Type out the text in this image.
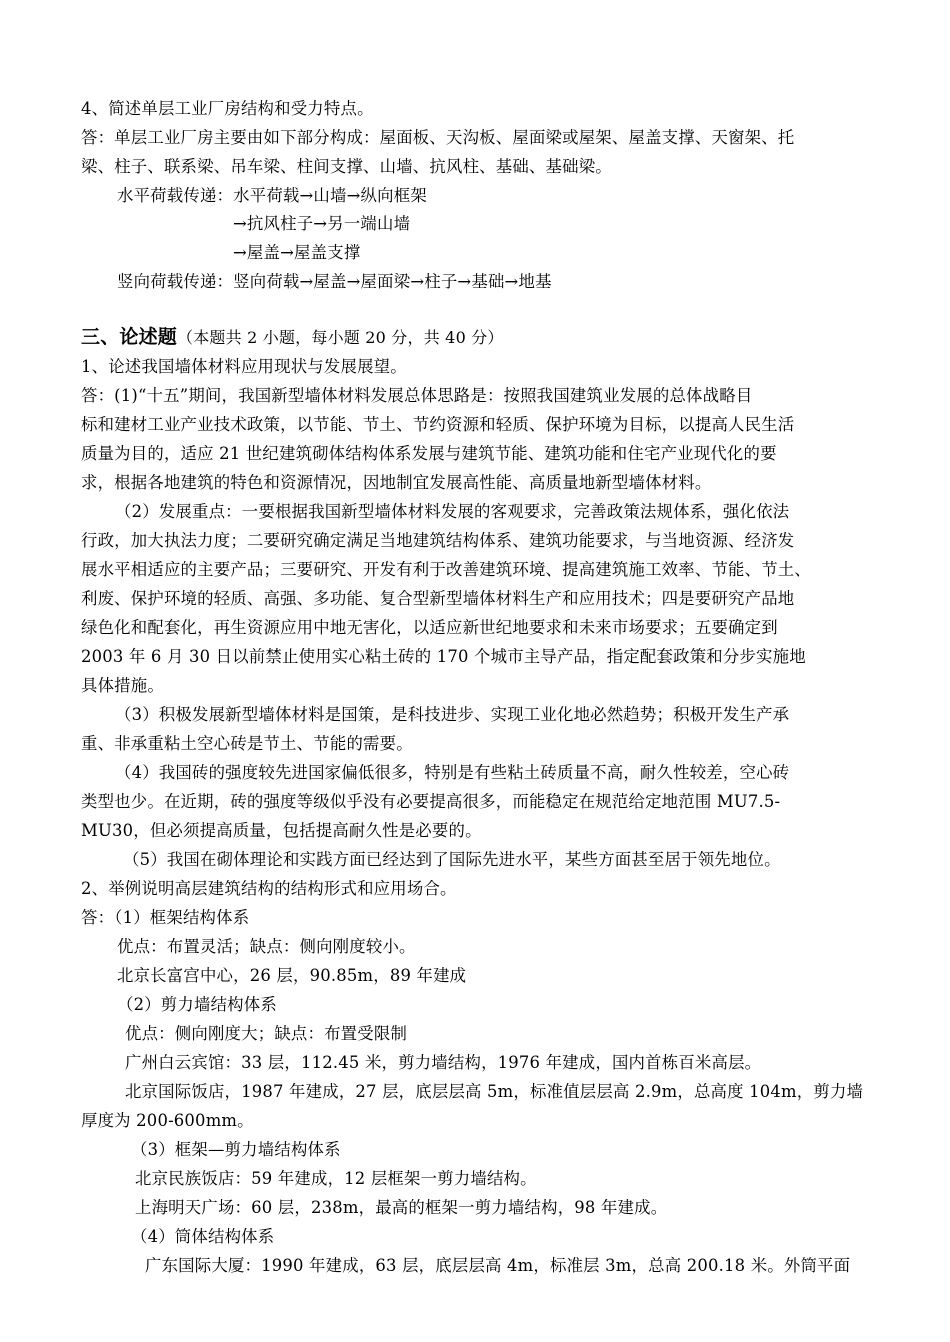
4、简述单层工业厂房结构和受力特点。
答：单层工业厂房主要由如下部分构成：屋面板、天沟板、屋面梁或屋架、屋盖支撑、天窗架、托
梁、柱子、联系梁、吊车梁、柱间支撑、山墙、抗风柱、基础、基础梁。
水平荷载传递：水平荷载→山墙→纵向框架
→抗风柱子→另一端山墙
→屋盖→屋盖支撑
竖向荷载传递：竖向荷载→屋盖→屋面梁→柱子→基础→地基
三、论述题（本题共 2 小题，每小题 20 分，共 40 分）
1、论述我国墙体材料应用现状与发展展望。
答：(1)“十五”期间，我国新型墙体材料发展总体思路是：按照我国建筑业发展的总体战略目
标和建材工业产业技术政策，以节能、节土、节约资源和轻质、保护环境为目标，以提高人民生活
质量为目的，适应 21 世纪建筑砌体结构体系发展与建筑节能、建筑功能和住宅产业现代化的要
求，根据各地建筑的特色和资源情况，因地制宜发展高性能、高质量地新型墙体材料。
（2）发展重点：一要根据我国新型墙体材料发展的客观要求，完善政策法规体系，强化依法
行政，加大执法力度；二要研究确定满足当地建筑结构体系、建筑功能要求，与当地资源、经济发
展水平相适应的主要产品；三要研究、开发有利于改善建筑环境、提高建筑施工效率、节能、节土、
利废、保护环境的轻质、高强、多功能、复合型新型墙体材料生产和应用技术；四是要研究产品地
绿色化和配套化，再生资源应用中地无害化，以适应新世纪地要求和未来市场要求；五要确定到
2003 年 6 月 30 日以前禁止使用实心粘土砖的 170 个城市主导产品，指定配套政策和分步实施地
具体措施。
（3）积极发展新型墙体材料是国策，是科技进步、实现工业化地必然趋势；积极开发生产承
重、非承重粘土空心砖是节土、节能的需要。
（4）我国砖的强度较先进国家偏低很多，特别是有些粘土砖质量不高，耐久性较差，空心砖
类型也少。在近期，砖的强度等级似乎没有必要提高很多，而能稳定在规范给定地范围 MU7.5-
MU30，但必须提高质量，包括提高耐久性是必要的。
（5）我国在砌体理论和实践方面已经达到了国际先进水平，某些方面甚至居于领先地位。
2、举例说明高层建筑结构的结构形式和应用场合。
答：（1）框架结构体系
优点：布置灵活；缺点：侧向刚度较小。
北京长富宫中心，26 层，90.85m，89 年建成
（2）剪力墙结构体系
优点：侧向刚度大；缺点：布置受限制
广州白云宾馆：33 层，112.45 米，剪力墙结构，1976 年建成，国内首栋百米高层。
北京国际饭店，1987 年建成，27 层，底层层高 5m，标准值层层高 2.9m，总高度 104m，剪力墙
厚度为 200-600mm。
（3）框架—剪力墙结构体系
北京民族饭店：59 年建成，12 层框架一剪力墙结构。
上海明天广场：60 层，238m，最高的框架一剪力墙结构，98 年建成。
（4）筒体结构体系
广东国际大厦：1990 年建成，63 层，底层层高 4m，标准层 3m，总高 200.18 米。外筒平面
